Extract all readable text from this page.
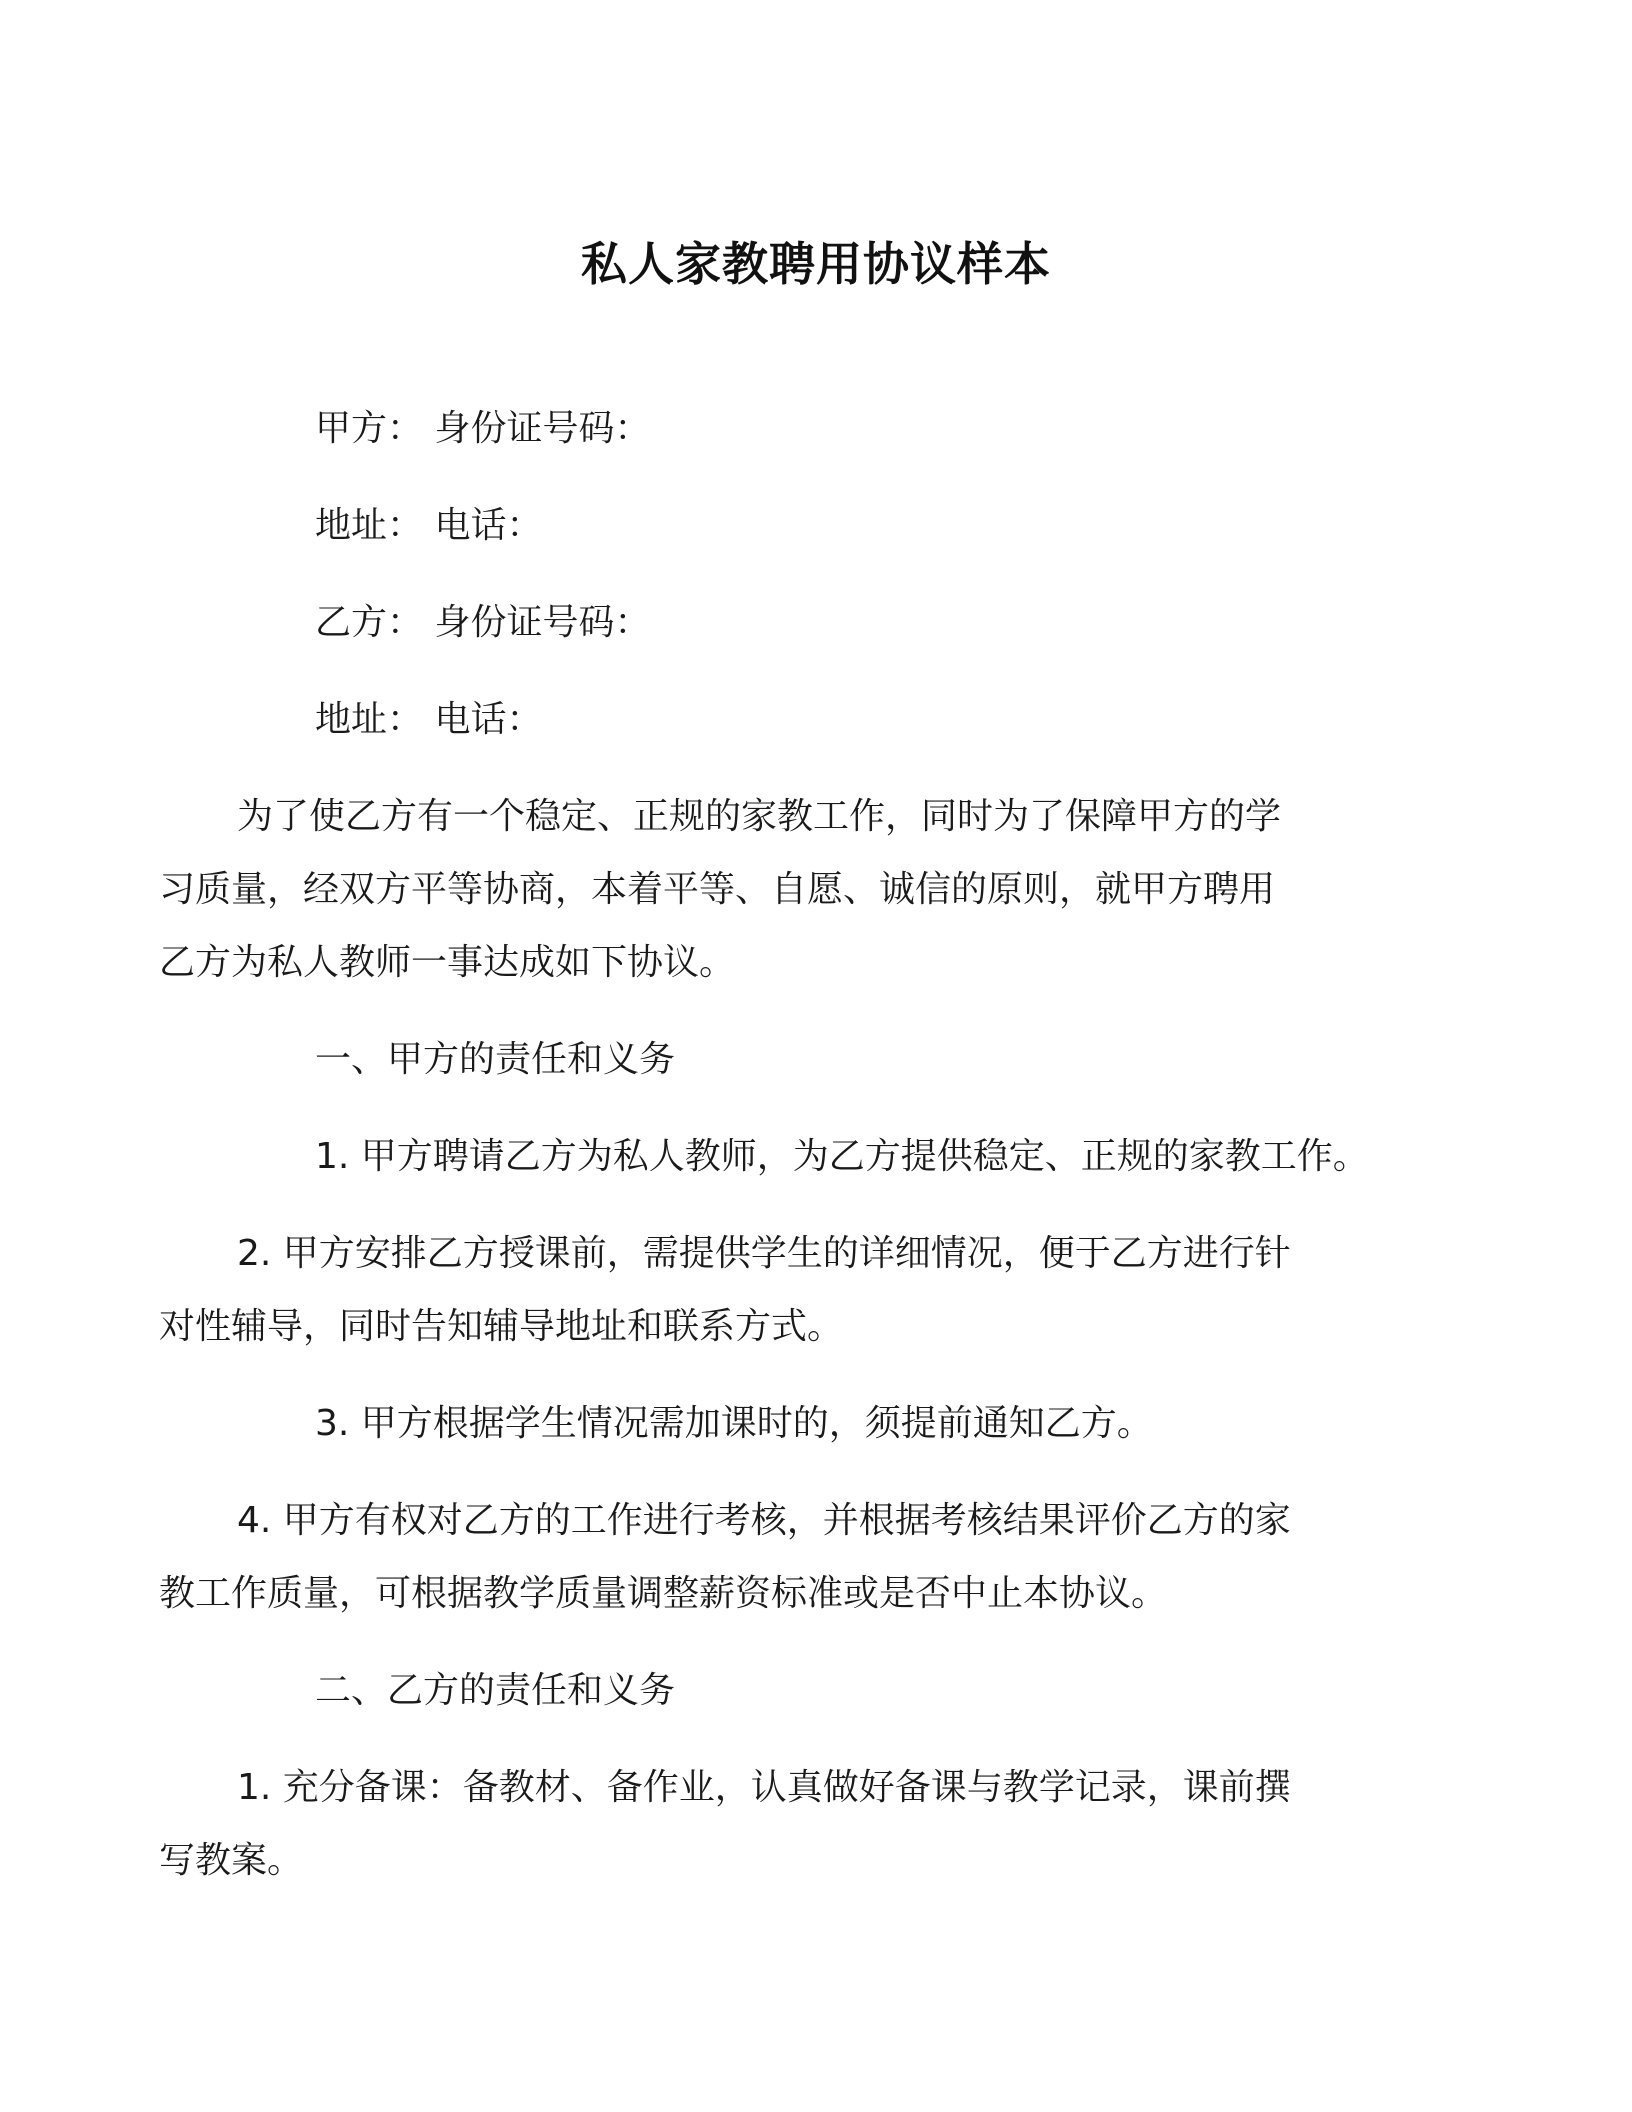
私人家教聘用协议样本

甲方： 身份证号码：

地址： 电话：

乙方： 身份证号码：

地址： 电话：

为了使乙方有一个稳定、正规的家教工作，同时为了保障甲方的学习质量，经双方平等协商，本着平等、自愿、诚信的原则，就甲方聘用乙方为私人教师一事达成如下协议。

一、甲方的责任和义务

1. 甲方聘请乙方为私人教师，为乙方提供稳定、正规的家教工作。

2. 甲方安排乙方授课前，需提供学生的详细情况，便于乙方进行针对性辅导，同时告知辅导地址和联系方式。

3. 甲方根据学生情况需加课时的，须提前通知乙方。

4. 甲方有权对乙方的工作进行考核，并根据考核结果评价乙方的家教工作质量，可根据教学质量调整薪资标准或是否中止本协议。

二、乙方的责任和义务

1. 充分备课：备教材、备作业，认真做好备课与教学记录，课前撰写教案。
